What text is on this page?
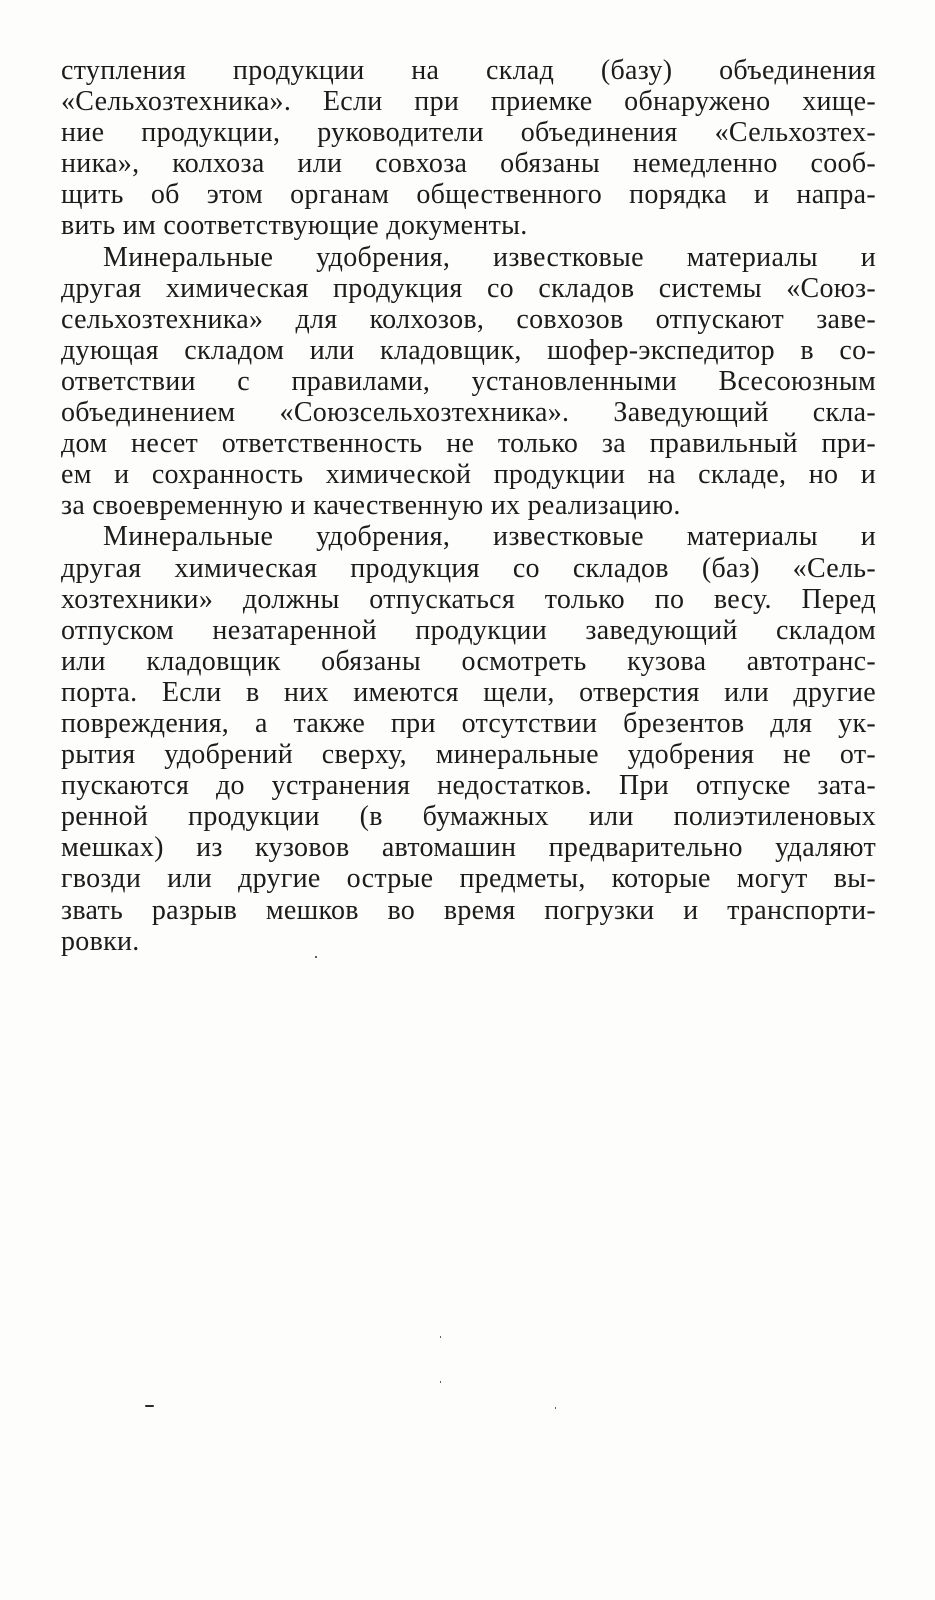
ступления продукции на склад (базу) объединения
«Сельхозтехника». Если при приемке обнаружено хище-
ние продукции, руководители объединения «Сельхозтех-
ника», колхоза или совхоза обязаны немедленно сооб-
щить об этом органам общественного порядка и напра-
вить им соответствующие документы.
Минеральные удобрения, известковые материалы и
другая химическая продукция со складов системы «Союз-
сельхозтехника» для колхозов, совхозов отпускают заве-
дующая складом или кладовщик, шофер-экспедитор в со-
ответствии с правилами, установленными Всесоюзным
объединением «Союзсельхозтехника». Заведующий скла-
дом несет ответственность не только за правильный при-
ем и сохранность химической продукции на складе, но и
за своевременную и качественную их реализацию.
Минеральные удобрения, известковые материалы и
другая химическая продукция со складов (баз) «Сель-
хозтехники» должны отпускаться только по весу. Перед
отпуском незатаренной продукции заведующий складом
или кладовщик обязаны осмотреть кузова автотранс-
порта. Если в них имеются щели, отверстия или другие
повреждения, а также при отсутствии брезентов для ук-
рытия удобрений сверху, минеральные удобрения не от-
пускаются до устранения недостатков. При отпуске зата-
ренной продукции (в бумажных или полиэтиленовых
мешках) из кузовов автомашин предварительно удаляют
гвозди или другие острые предметы, которые могут вы-
звать разрыв мешков во время погрузки и транспорти-
ровки.
